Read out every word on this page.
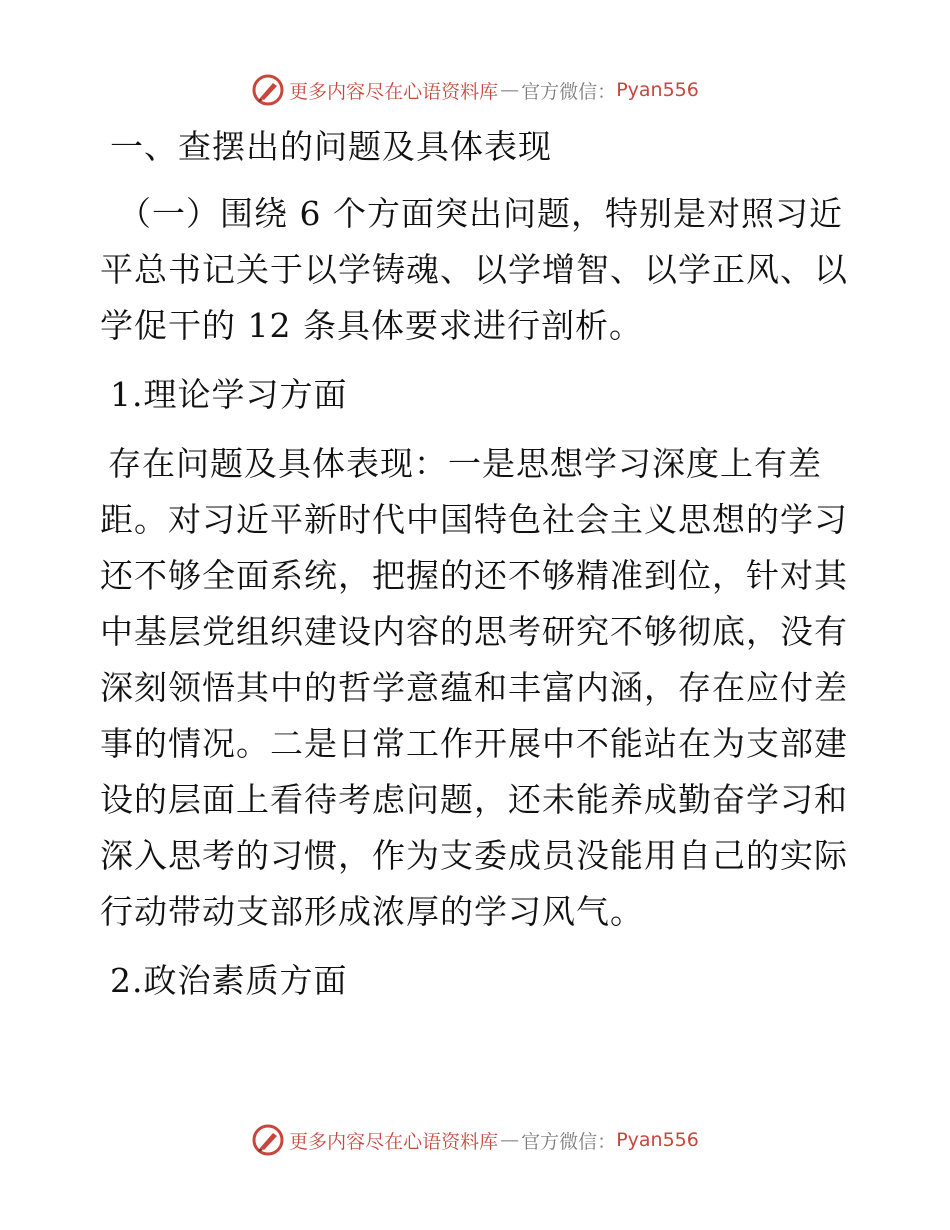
更多内容尽在心语资料库 — 官方微信： Pyan556

一、查摆出的问题及具体表现

（一）围绕 6 个方面突出问题，特别是对照习近平总书记关于以学铸魂、以学增智、以学正风、以学促干的 12 条具体要求进行剖析。

1.理论学习方面

存在问题及具体表现：一是思想学习深度上有差距。对习近平新时代中国特色社会主义思想的学习还不够全面系统，把握的还不够精准到位，针对其中基层党组织建设内容的思考研究不够彻底，没有深刻领悟其中的哲学意蕴和丰富内涵，存在应付差事的情况。二是日常工作开展中不能站在为支部建设的层面上看待考虑问题，还未能养成勤奋学习和深入思考的习惯，作为支委成员没能用自己的实际行动带动支部形成浓厚的学习风气。

2.政治素质方面

更多内容尽在心语资料库 — 官方微信： Pyan556
